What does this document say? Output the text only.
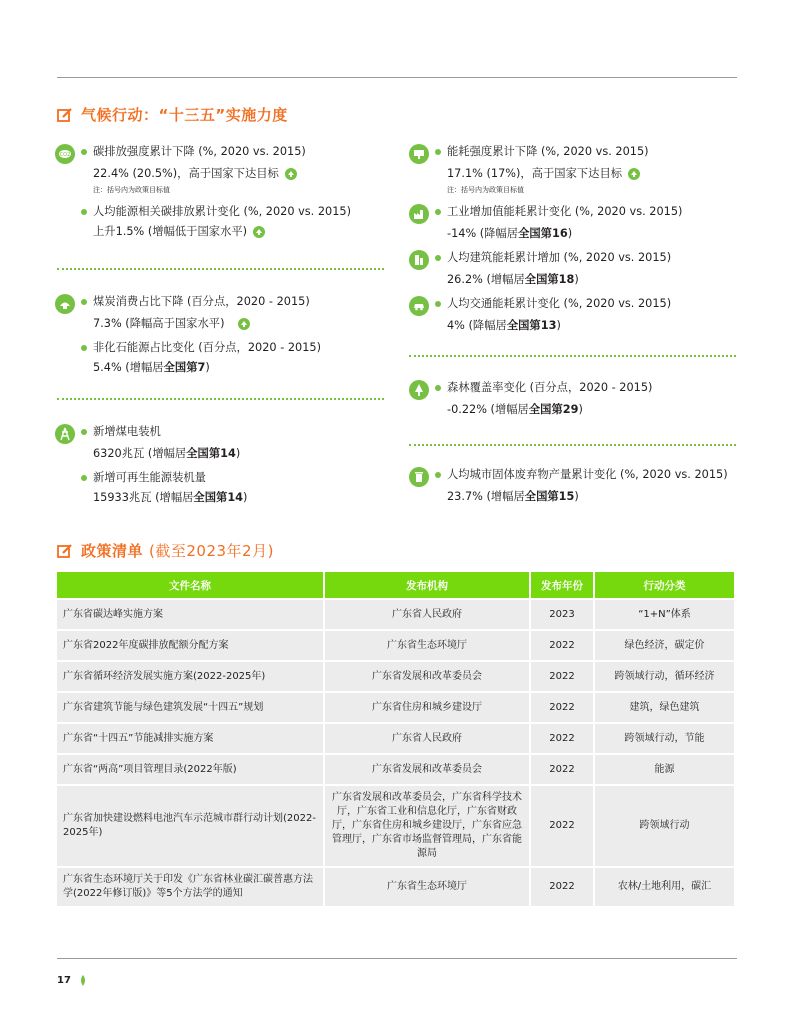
气候行动：“十三五”实施力度
CO2 碳排放强度累计下降 (%, 2020 vs. 2015)
22.4% (20.5%)，高于国家下达目标
注：括号内为政策目标值
人均能源相关碳排放累计变化 (%, 2020 vs. 2015)
上升1.5% (增幅低于国家水平)
煤炭消费占比下降 (百分点，2020 - 2015)
7.3% (降幅高于国家水平)
非化石能源占比变化 (百分点，2020 - 2015)
5.4% (增幅居 全国第7 )
新增煤电装机
6320兆瓦 (增幅居 全国第14 )
新增可再生能源装机量
15933兆瓦 (增幅居 全国第14 )
能耗强度累计下降 (%, 2020 vs. 2015)
17.1% (17%)，高于国家下达目标
注：括号内为政策目标值
工业增加值能耗累计变化 (%, 2020 vs. 2015)
-14% (降幅居 全国第16 )
人均建筑能耗累计增加 (%, 2020 vs. 2015)
26.2% (增幅居 全国第18 )
人均交通能耗累计变化 (%, 2020 vs. 2015)
4% (降幅居 全国第13 )
森林覆盖率变化 (百分点，2020 - 2015)
-0.22% (增幅居 全国第29 )
人均城市固体废弃物产量累计变化 (%, 2020 vs. 2015)
23.7% (增幅居 全国第15 )
政策清单 (截至2023年2月)
文件名称	发布机构	发布年份	行动分类
广东省碳达峰实施方案	广东省人民政府	2023	“1+N”体系
广东省2022年度碳排放配额分配方案	广东省生态环境厅	2022	绿色经济，碳定价
广东省循环经济发展实施方案(2022-2025年)	广东省发展和改革委员会	2022	跨领域行动，循环经济
广东省建筑节能与绿色建筑发展“十四五”规划	广东省住房和城乡建设厅	2022	建筑，绿色建筑
广东省“十四五”节能减排实施方案	广东省人民政府	2022	跨领域行动，节能
广东省“两高”项目管理目录(2022年版)	广东省发展和改革委员会	2022	能源
广东省加快建设燃料电池汽车示范城市群行动计划(2022-2025年)	广东省发展和改革委员会，广东省科学技术厅，广东省工业和信息化厅，广东省财政厅，广东省住房和城乡建设厅，广东省应急管理厅，广东省市场监督管理局，广东省能源局	2022	跨领域行动
广东省生态环境厅关于印发《广东省林业碳汇碳普惠方法学(2022年修订版)》等5个方法学的通知	广东省生态环境厅	2022	农林/土地利用，碳汇
17
